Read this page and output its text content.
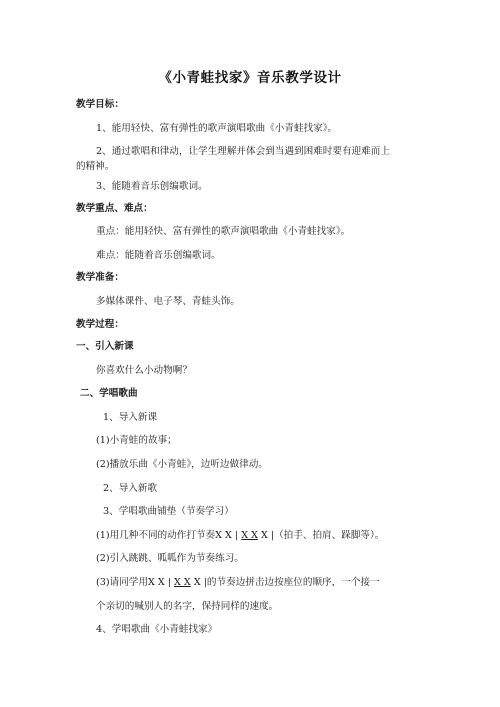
《小青蛙找家》音乐教学设计
教学目标：
1、能用轻快、富有弹性的歌声演唱歌曲《小青蛙找家》。
2、通过歌唱和律动，让学生理解并体会到当遇到困难时要有迎难而上
的精神。
3、能随着音乐创编歌词。
教学重点、难点：
重点：能用轻快、富有弹性的歌声演唱歌曲《小青蛙找家》。
难点：能随着音乐创编歌词。
教学准备：
多媒体课件、电子琴、青蛙头饰。
教学过程：
一、引入新课
你喜欢什么小动物啊？
二、学唱歌曲
1、导入新课
(1)小青蛙的故事；
(2)播放乐曲《小青蛙》，边听边做律动。
2、导入新歌
3、学唱歌曲铺垫（节奏学习）
(1)用几种不同的动作打节奏X X | X X X |（拍手、拍肩、跺脚等）。
(2)引入跳跳、呱呱作为节奏练习。
(3)请同学用X X | X X X |的节奏边拼击边按座位的顺序，一个接一
个亲切的喊别人的名字，保持同样的速度。
4、学唱歌曲《小青蛙找家》
